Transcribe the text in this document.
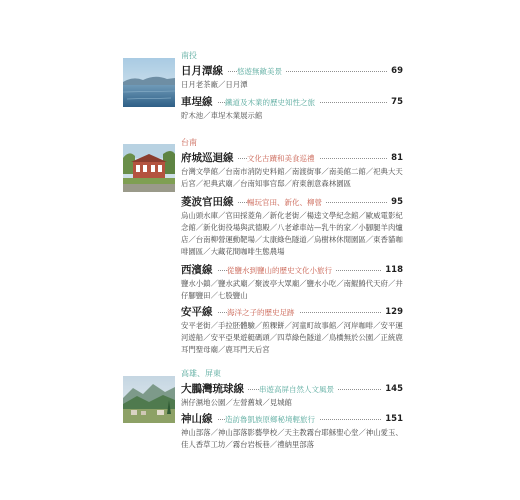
南投
日月潭線	悠遊無敵美景	69
日月老茶廠／日月潭
車埕線	鐵道及木業的歷史知性之旅	75
貯木池／車埕木業展示館
台南
府城巡迴線	文化古蹟和美食巡禮	81
台灣文學館／台南市消防史料館／南渡街事／南美館二館／祀典大天后宮／祀典武廟／台南知事官邸／府東創意森林園區
菱波官田線	暢玩官田、新化、柳營	95
烏山頭水庫／官田採菱角／新化老街／楊逵文學紀念館／歐威電影紀念館／新化街役場與武德殿／八老爺車站—乳牛的家／小腳腿羊肉爐店／台南柳營運動靶場／太康綠色隧道／烏樹林休閒園區／東香貓咖啡園區／大藏花間咖啡生態農場
西濱線	從鹽水到鹽山的歷史文化小旅行	118
鹽水小鎮／鹽水武廟／聚波亭大眾廟／鹽水小吃／南鯤鯓代天府／井仔腳鹽田／七股鹽山
安平線	海洋之子的歷史足跡	129
安平老街／手拉胚體驗／煎粿餅／河童町故事館／河岸咖啡／安平運河遊船／安平亞果遊艇碼頭／四草綠色隧道／鳥橋無於公園／正統鹿耳門聖母廟／鹿耳門天后宮
高雄、屏東
大鵬灣琉球線	串遊高屏自然人文風景	145
洲仔濕地公園／左營舊城／見城館
神山線	造訪魯凱族原鄉秘境輕旅行	151
神山部落／神山部落影藝學校／天主教霧台耶穌聖心堂／神山愛玉、佳人香草工坊／霧台岩板巷／禮納里部落
